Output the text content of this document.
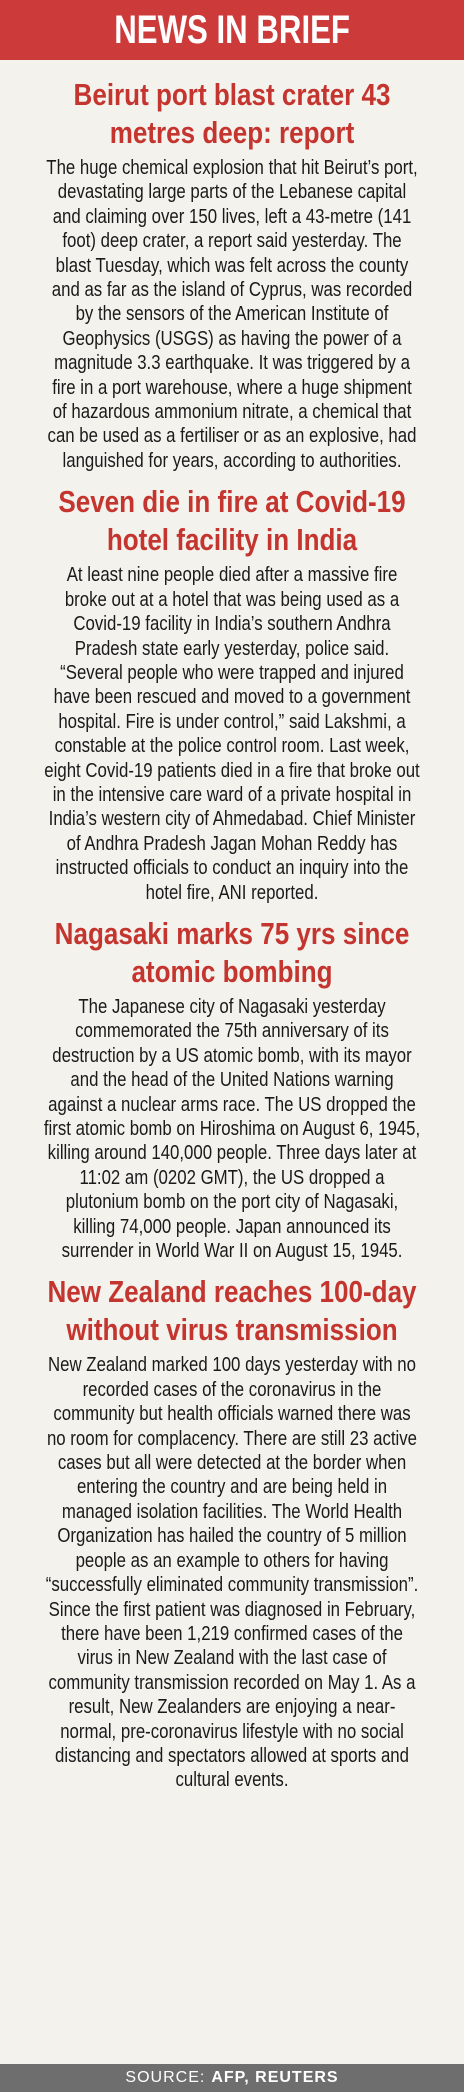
NEWS IN BRIEF
Beirut port blast crater 43 metres deep: report

The huge chemical explosion that hit Beirut’s port, devastating large parts of the Lebanese capital and claiming over 150 lives, left a 43-metre (141 foot) deep crater, a report said yesterday. The blast Tuesday, which was felt across the county and as far as the island of Cyprus, was recorded by the sensors of the American Institute of Geophysics (USGS) as having the power of a magnitude 3.3 earthquake. It was triggered by a fire in a port warehouse, where a huge shipment of hazardous ammonium nitrate, a chemical that can be used as a fertiliser or as an explosive, had languished for years, according to authorities.

Seven die in fire at Covid-19 hotel facility in India

At least nine people died after a massive fire broke out at a hotel that was being used as a Covid-19 facility in India’s southern Andhra Pradesh state early yesterday, police said. “Several people who were trapped and injured have been rescued and moved to a government hospital. Fire is under control,” said Lakshmi, a constable at the police control room. Last week, eight Covid-19 patients died in a fire that broke out in the intensive care ward of a private hospital in India’s western city of Ahmedabad. Chief Minister of Andhra Pradesh Jagan Mohan Reddy has instructed officials to conduct an inquiry into the hotel fire, ANI reported.

Nagasaki marks 75 yrs since atomic bombing

The Japanese city of Nagasaki yesterday commemorated the 75th anniversary of its destruction by a US atomic bomb, with its mayor and the head of the United Nations warning against a nuclear arms race. The US dropped the first atomic bomb on Hiroshima on August 6, 1945, killing around 140,000 people. Three days later at 11:02 am (0202 GMT), the US dropped a plutonium bomb on the port city of Nagasaki, killing 74,000 people. Japan announced its surrender in World War II on August 15, 1945.

New Zealand reaches 100-day without virus transmission

New Zealand marked 100 days yesterday with no recorded cases of the coronavirus in the community but health officials warned there was no room for complacency. There are still 23 active cases but all were detected at the border when entering the country and are being held in managed isolation facilities. The World Health Organization has hailed the country of 5 million people as an example to others for having “successfully eliminated community transmission”. Since the first patient was diagnosed in February, there have been 1,219 confirmed cases of the virus in New Zealand with the last case of community transmission recorded on May 1. As a result, New Zealanders are enjoying a near-normal, pre-coronavirus lifestyle with no social distancing and spectators allowed at sports and cultural events.

SOURCE: AFP, REUTERS
